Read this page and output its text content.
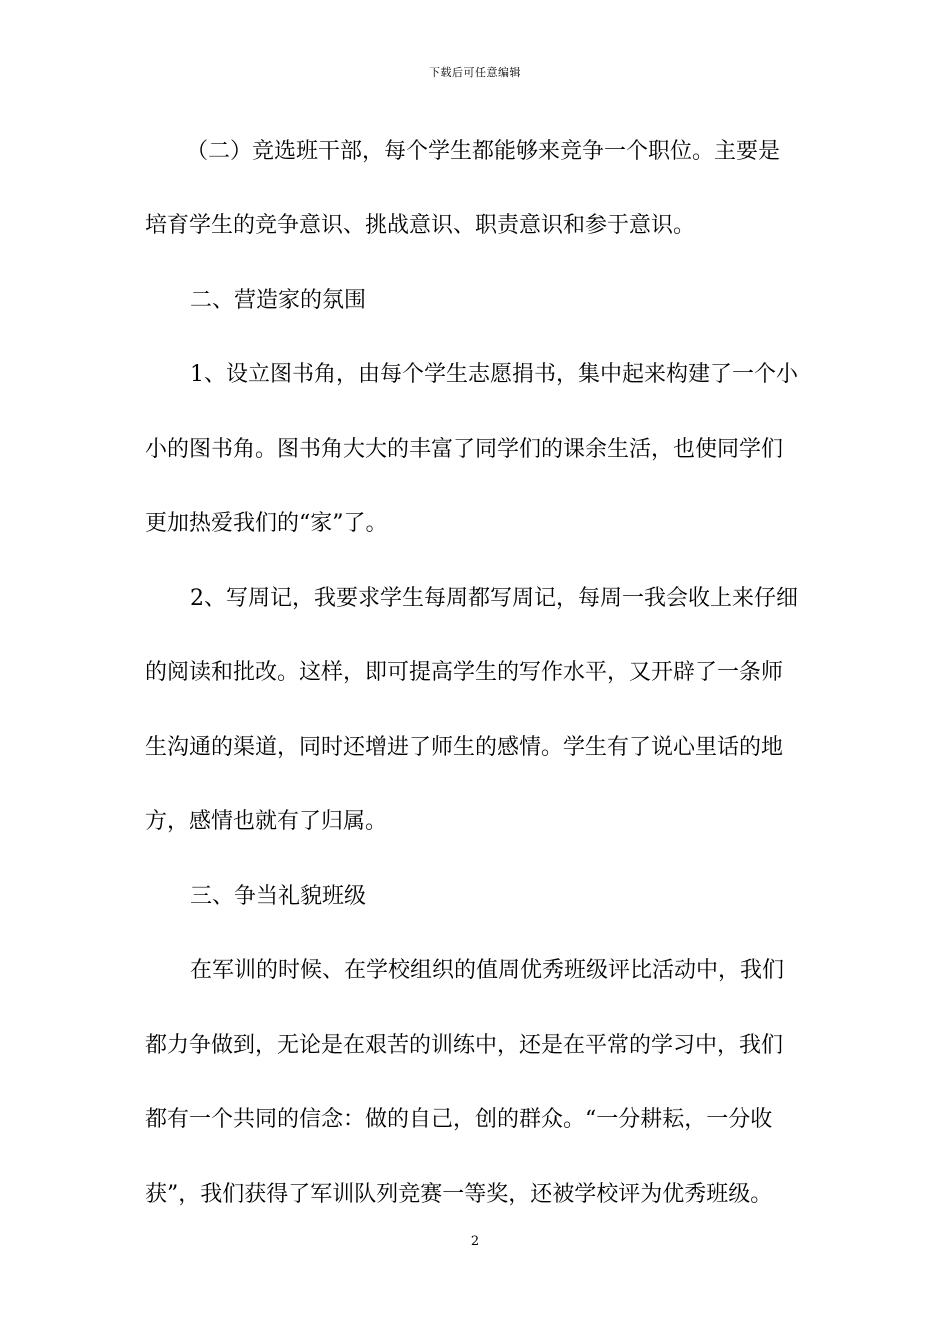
下载后可任意编辑
（二）竞选班干部，每个学生都能够来竞争一个职位。主要是
培育学生的竞争意识、挑战意识、职责意识和参于意识。
二、营造家的氛围
1、设立图书角，由每个学生志愿捐书，集中起来构建了一个小
小的图书角。图书角大大的丰富了同学们的课余生活，也使同学们
更加热爱我们的“家”了。
2、写周记，我要求学生每周都写周记，每周一我会收上来仔细
的阅读和批改。这样，即可提高学生的写作水平，又开辟了一条师
生沟通的渠道，同时还增进了师生的感情。学生有了说心里话的地
方，感情也就有了归属。
三、争当礼貌班级
在军训的时候、在学校组织的值周优秀班级评比活动中，我们
都力争做到，无论是在艰苦的训练中，还是在平常的学习中，我们
都有一个共同的信念：做的自己，创的群众。“一分耕耘，一分收
获”，我们获得了军训队列竞赛一等奖，还被学校评为优秀班级。
2
